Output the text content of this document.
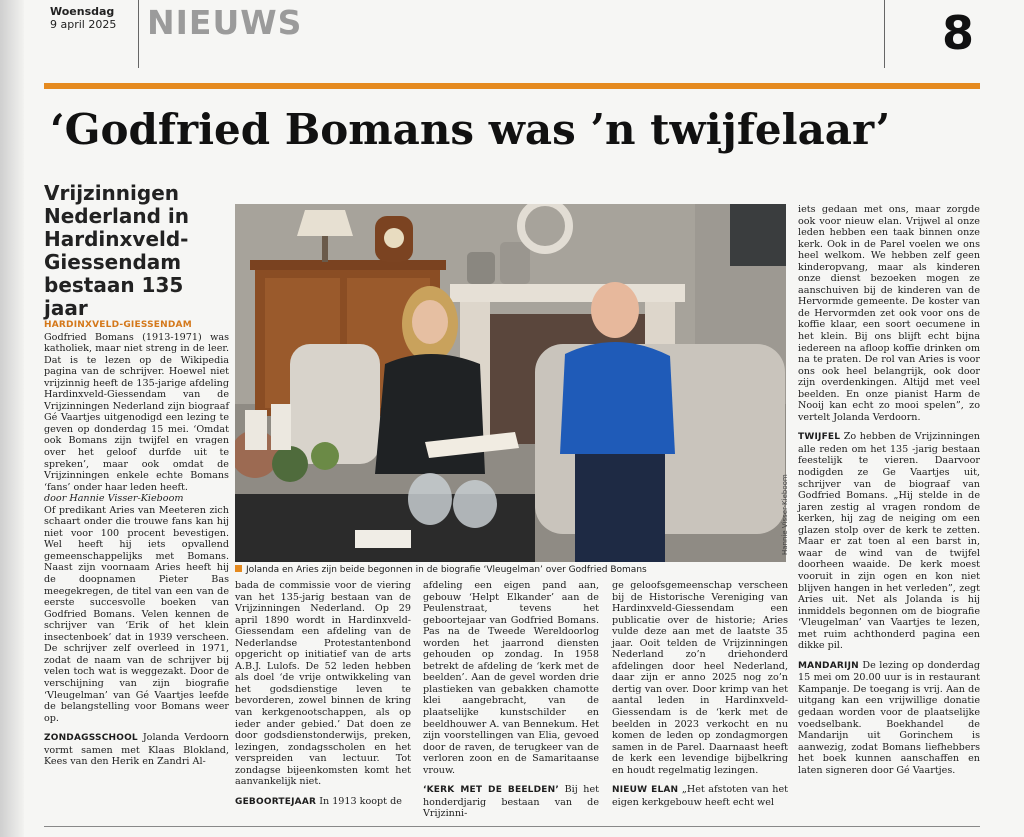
Woensdag
9 april 2025 NIEUWS	8
‘Godfried Bomans was ’n twijfelaar’
Vrijzinnigen Nederland in Hardinxveld-Giessendam bestaan 135 jaar

HARDINXVELD-GIESSENDAM Godfried Bomans (1913-1971) was katholiek, maar niet streng in de leer. Dat is te lezen op de Wikipedia pagina van de schrijver. Hoewel niet vrijzinnig heeft de 135-jarige afdeling Hardinxveld-Giessendam van de Vrijzinningen Nederland zijn biograaf Gé Vaartjes uitgenodigd een lezing te geven op donderdag 15 mei. ‘Omdat ook Bomans zijn twijfel en vragen over het geloof durfde uit te spreken’, maar ook omdat de Vrijzinningen enkele echte Bomans ‘fans’ onder haar leden heeft.

door Hannie Visser-Kieboom

Of predikant Aries van Meeteren zich schaart onder die trouwe fans kan hij niet voor 100 procent bevestigen. Wel heeft hij iets opvallend gemeenschappelijks met Bomans. Naast zijn voornaam Aries heeft hij de doopnamen Pieter Bas meegekregen, de titel van een van de eerste succesvolle boeken van Godfried Bomans. Velen kennen de schrijver van ‘Erik of het klein insectenboek’ dat in 1939 verscheen. De schrijver zelf overleed in 1971, zodat de naam van de schrijver bij velen toch wat is weggezakt. Door de verschijning van zijn biografie ‘Vleugelman’ van Gé Vaartjes leefde de belangstelling voor Bomans weer op.

ZONDAGSSCHOOL Jolanda Verdoorn vormt samen met Klaas Blokland, Kees van den Herik en Zandri Al-

Hannie Visser-Kieboom
Jolanda en Aries zijn beide begonnen in de biografie ‘Vleugelman’ over Godfried Bomans

bada de commissie voor de viering van het 135-jarig bestaan van de Vrijzinningen Nederland. Op 29 april 1890 wordt in Hardinxveld-Giessendam een afdeling van de Nederlandse Protestantenbond opgericht op initiatief van de arts A.B.J. Lulofs. De 52 leden hebben als doel ‘de vrije ontwikkeling van het godsdienstige leven te bevorderen, zowel binnen de kring van kerkgenootschappen, als op ieder ander gebied.’ Dat doen ze door godsdienstonderwijs, preken, lezingen, zondagsscholen en het verspreiden van lectuur. Tot zondagse bijeenkomsten komt het aanvankelijk niet.

GEBOORTEJAAR In 1913 koopt de

afdeling een eigen pand aan, gebouw ‘Helpt Elkander’ aan de Peulenstraat, tevens het geboortejaar van Godfried Bomans. Pas na de Tweede Wereldoorlog worden het jaarrond diensten gehouden op zondag. In 1958 betrekt de afdeling de ‘kerk met de beelden’. Aan de gevel worden drie plastieken van gebakken chamotte klei aangebracht, van de plaatselijke kunstschilder en beeldhouwer A. van Bennekum. Het zijn voorstellingen van Elia, gevoed door de raven, de terugkeer van de verloren zoon en de Samaritaanse vrouw.

‘KERK MET DE BEELDEN’ Bij het honderdjarig bestaan van de Vrijzinni-

ge geloofsgemeenschap verscheen bij de Historische Vereniging van Hardinxveld-Giessendam een publicatie over de historie; Aries vulde deze aan met de laatste 35 jaar. Ooit telden de Vrijzinningen Nederland zo’n driehonderd afdelingen door heel Nederland, daar zijn er anno 2025 nog zo’n dertig van over. Door krimp van het aantal leden in Hardinxveld-Giessendam is de ‘kerk met de beelden in 2023 verkocht en nu komen de leden op zondagmorgen samen in de Parel. Daarnaast heeft de kerk een levendige bijbelkring en houdt regelmatig lezingen.

NIEUW ELAN „Het afstoten van het eigen kerkgebouw heeft echt wel

iets gedaan met ons, maar zorgde ook voor nieuw elan. Vrijwel al onze leden hebben een taak binnen onze kerk. Ook in de Parel voelen we ons heel welkom. We hebben zelf geen kinderopvang, maar als kinderen onze dienst bezoeken mogen ze aanschuiven bij de kinderen van de Hervormde gemeente. De koster van de Hervormden zet ook voor ons de koffie klaar, een soort oecumene in het klein. Bij ons blijft echt bijna iedereen na afloop koffie drinken om na te praten. De rol van Aries is voor ons ook heel belangrijk, ook door zijn overdenkingen. Altijd met veel beelden. En onze pianist Harm de Nooij kan echt zo mooi spelen”, zo vertelt Jolanda Verdoorn.

TWIJFEL Zo hebben de Vrijzinningen alle reden om het 135 -jarig bestaan feestelijk te vieren. Daarvoor nodigden ze Ge Vaartjes uit, schrijver van de biograaf van Godfried Bomans. „Hij stelde in de jaren zestig al vragen rondom de kerken, hij zag de neiging om een glazen stolp over de kerk te zetten. Maar er zat toen al een barst in, waar de wind van de twijfel doorheen waaide. De kerk moest vooruit in zijn ogen en kon niet blijven hangen in het verleden”, zegt Aries uit. Net als Jolanda is hij inmiddels begonnen om de biografie ‘Vleugelman’ van Vaartjes te lezen, met ruim achthonderd pagina een dikke pil.

MANDARIJN De lezing op donderdag 15 mei om 20.00 uur is in restaurant Kampanje. De toegang is vrij. Aan de uitgang kan een vrijwillige donatie gedaan worden voor de plaatselijke voedselbank. Boekhandel de Mandarijn uit Gorinchem is aanwezig, zodat Bomans liefhebbers het boek kunnen aanschaffen en laten signeren door Gé Vaartjes.
